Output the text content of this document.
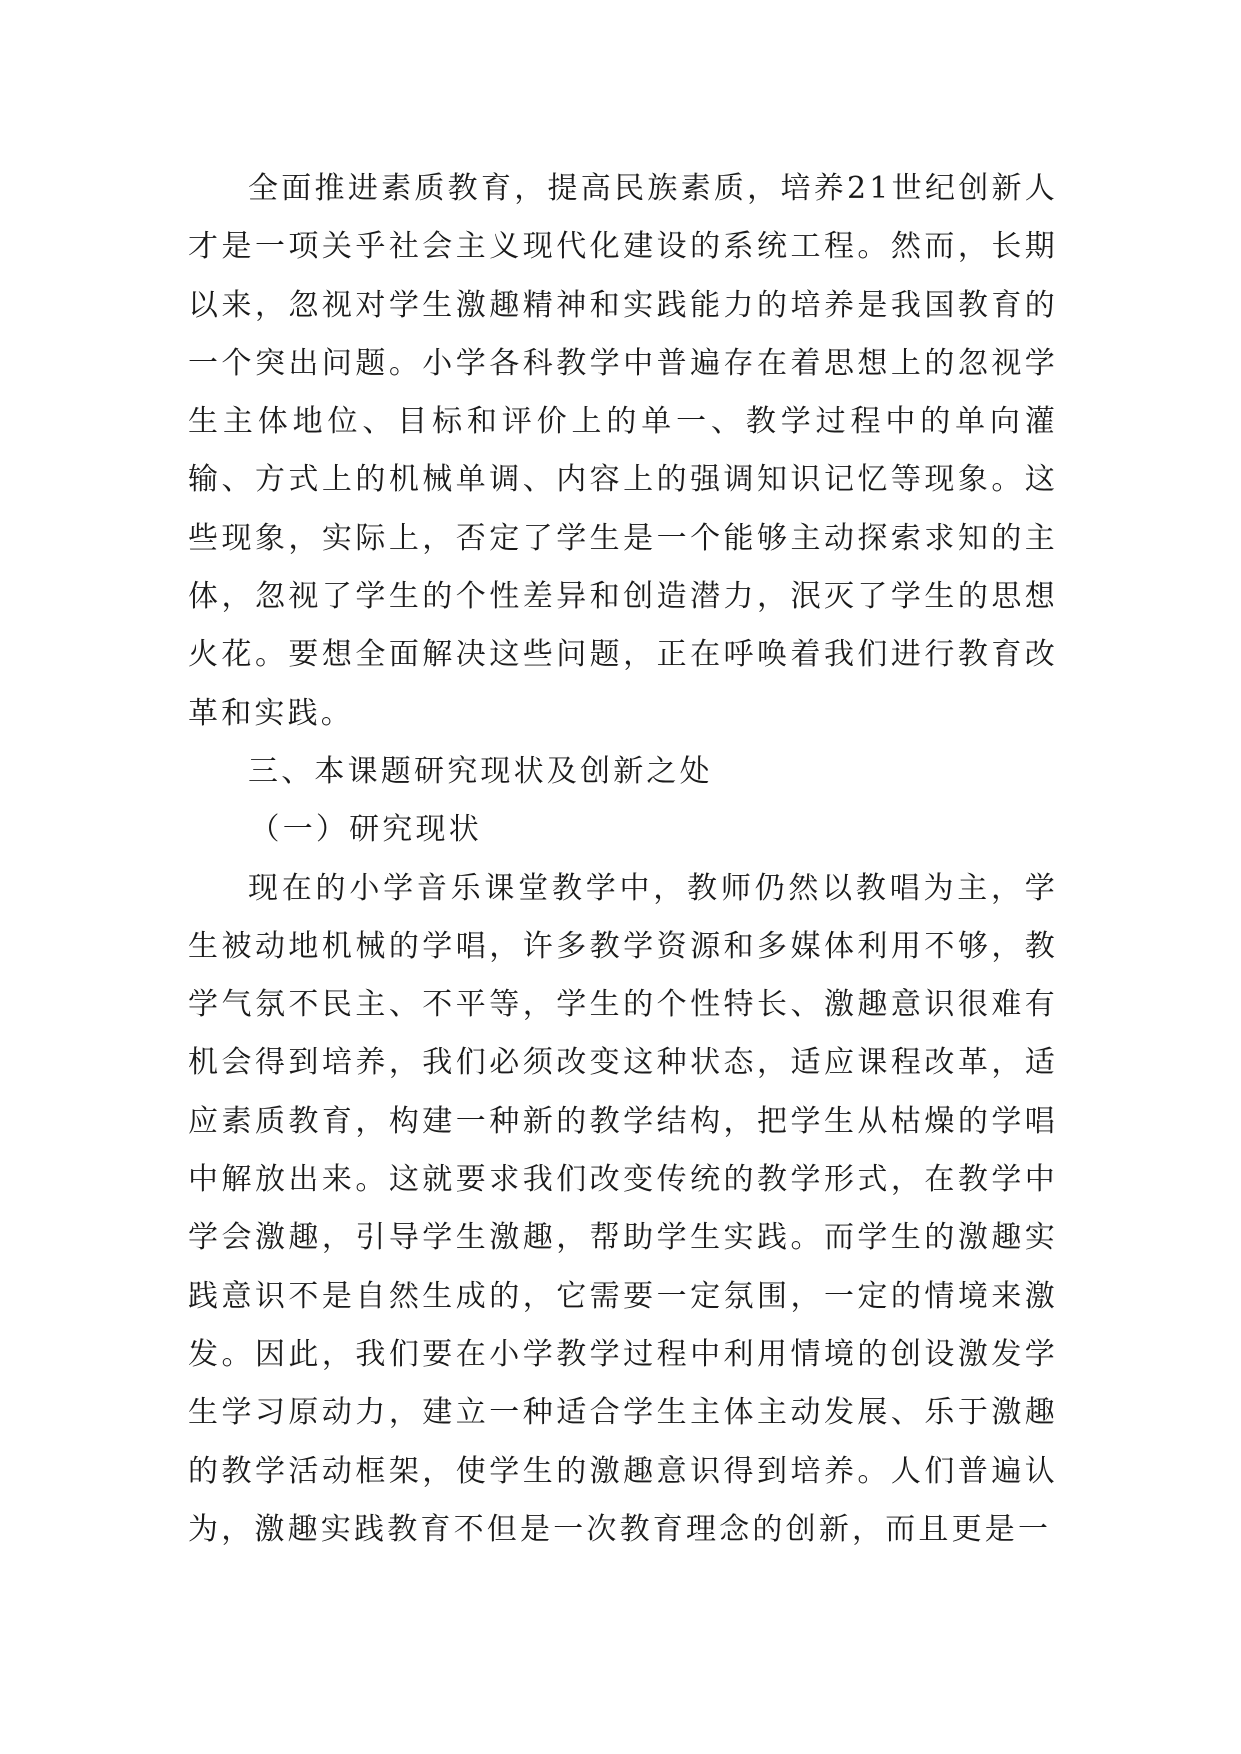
全面推进素质教育，提高民族素质，培养21世纪创新人才是一项关乎社会主义现代化建设的系统工程。然而，长期以来，忽视对学生激趣精神和实践能力的培养是我国教育的一个突出问题。小学各科教学中普遍存在着思想上的忽视学生主体地位、目标和评价上的单一、教学过程中的单向灌输、方式上的机械单调、内容上的强调知识记忆等现象。这些现象，实际上，否定了学生是一个能够主动探索求知的主体，忽视了学生的个性差异和创造潜力，泯灭了学生的思想火花。要想全面解决这些问题，正在呼唤着我们进行教育改革和实践。

三、本课题研究现状及创新之处

（一）研究现状

现在的小学音乐课堂教学中，教师仍然以教唱为主，学生被动地机械的学唱，许多教学资源和多媒体利用不够，教学气氛不民主、不平等，学生的个性特长、激趣意识很难有机会得到培养，我们必须改变这种状态，适应课程改革，适应素质教育，构建一种新的教学结构，把学生从枯燥的学唱中解放出来。这就要求我们改变传统的教学形式，在教学中学会激趣，引导学生激趣，帮助学生实践。而学生的激趣实践意识不是自然生成的，它需要一定氛围，一定的情境来激发。因此，我们要在小学教学过程中利用情境的创设激发学生学习原动力，建立一种适合学生主体主动发展、乐于激趣的教学活动框架，使学生的激趣意识得到培养。人们普遍认为，激趣实践教育不但是一次教育理念的创新，而且更是一
